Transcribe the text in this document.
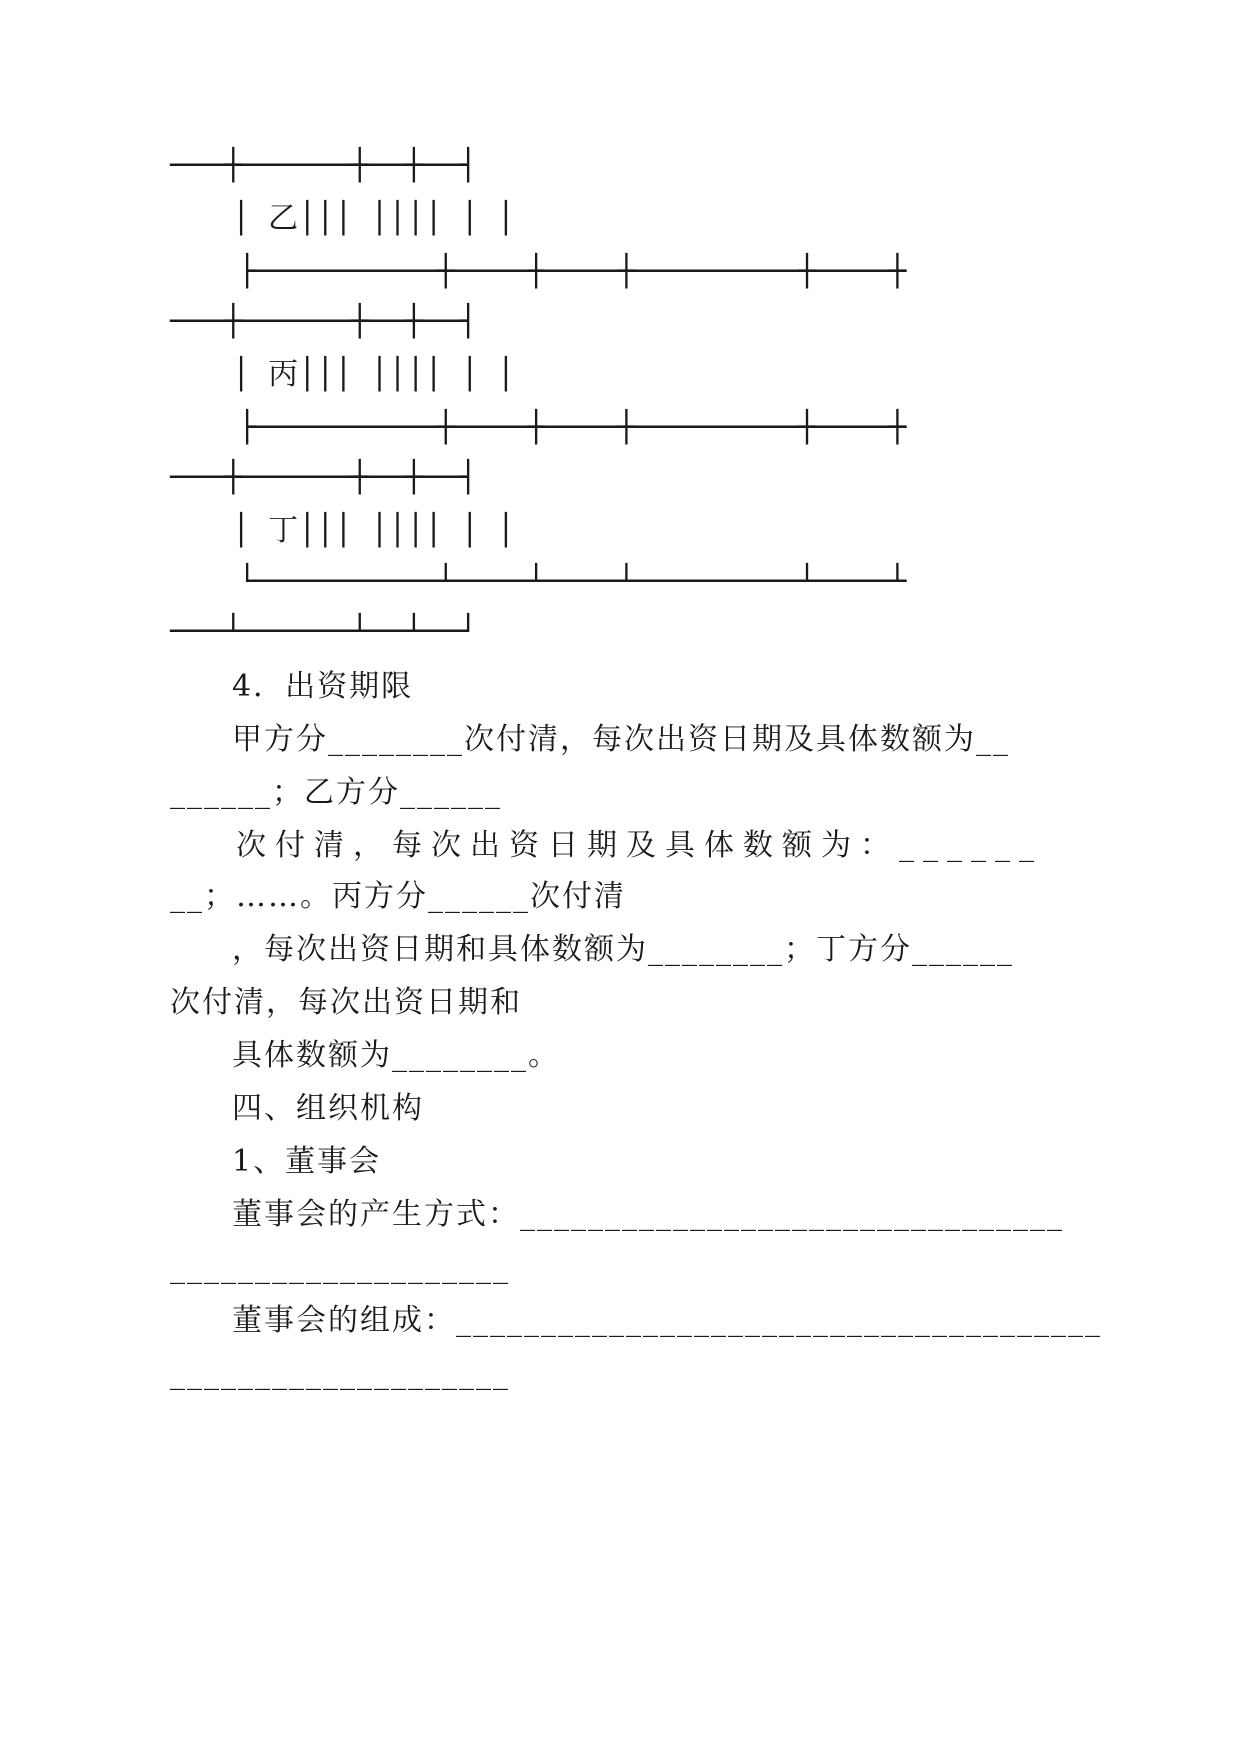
───┼──────┼──┼──┤
│ 乙│││ ││││ │ │
├──────────┼────┼────┼─────────┼────┼
───┼──────┼──┼──┤
│ 丙│││ ││││ │ │
├──────────┼────┼────┼─────────┼────┼
───┼──────┼──┼──┤
│ 丁│││ ││││ │ │
└──────────┴────┴────┴─────────┴────┴
───┴──────┴──┴──┘
4．出资期限
甲方分________次付清，每次出资日期及具体数额为__
______；乙方分______
次付清，每次出资日期及具体数额为：______
__；……。丙方分______次付清
，每次出资日期和具体数额为________；丁方分______
次付清，每次出资日期和
具体数额为________。
四、组织机构
1、董事会
董事会的产生方式：________________________________
____________________
董事会的组成：______________________________________
____________________
